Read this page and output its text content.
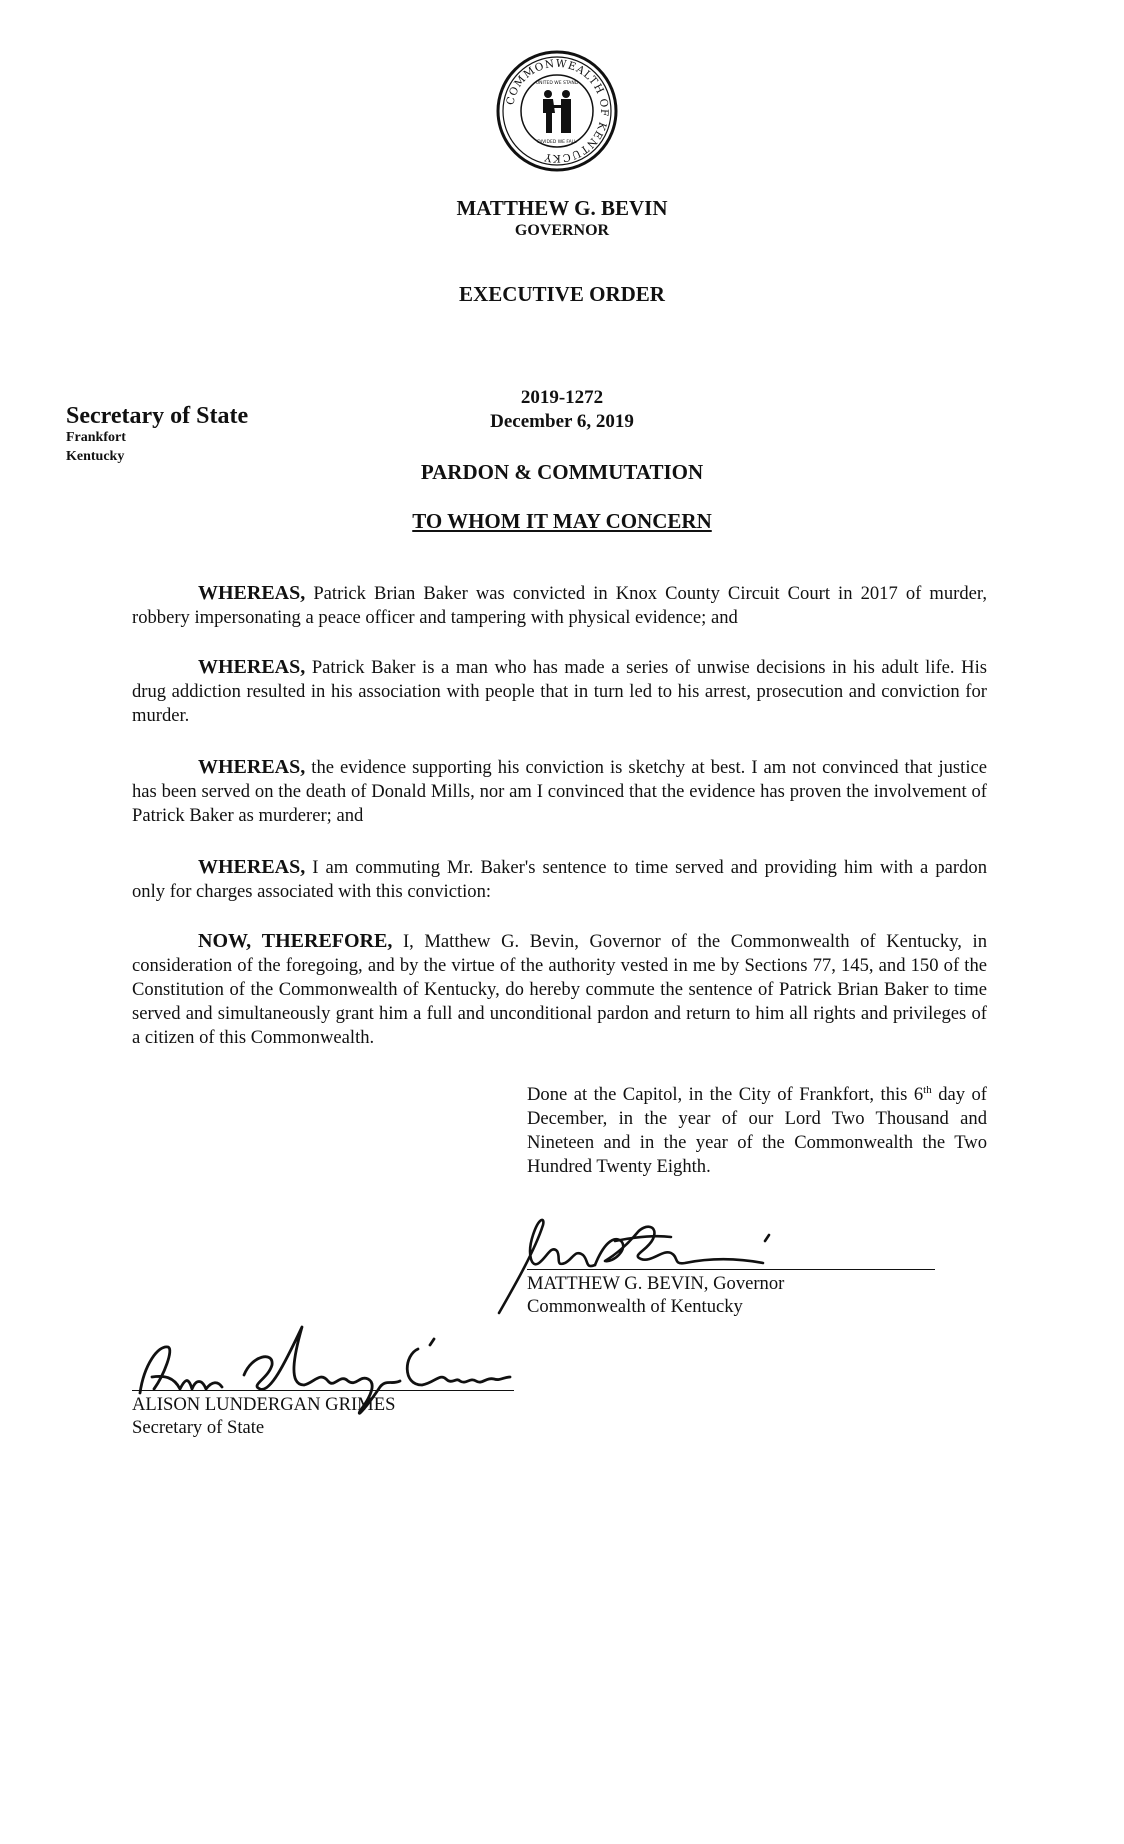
COMMONWEALTH OF KENTUCKY
UNITED WE STAND
DIVIDED WE FALL
MATTHEW G. BEVIN
GOVERNOR
EXECUTIVE ORDER
Secretary of State
Frankfort
Kentucky
2019-1272
December 6, 2019
PARDON & COMMUTATION
TO WHOM IT MAY CONCERN

WHEREAS, Patrick Brian Baker was convicted in Knox County Circuit Court in 2017 of murder, robbery impersonating a peace officer and tampering with physical evidence; and

WHEREAS, Patrick Baker is a man who has made a series of unwise decisions in his adult life. His drug addiction resulted in his association with people that in turn led to his arrest, prosecution and conviction for murder.

WHEREAS, the evidence supporting his conviction is sketchy at best. I am not convinced that justice has been served on the death of Donald Mills, nor am I convinced that the evidence has proven the involvement of Patrick Baker as murderer; and

WHEREAS, I am commuting Mr. Baker's sentence to time served and providing him with a pardon only for charges associated with this conviction:

NOW, THEREFORE, I, Matthew G. Bevin, Governor of the Commonwealth of Kentucky, in consideration of the foregoing, and by the virtue of the authority vested in me by Sections 77, 145, and 150 of the Constitution of the Commonwealth of Kentucky, do hereby commute the sentence of Patrick Brian Baker to time served and simultaneously grant him a full and unconditional pardon and return to him all rights and privileges of a citizen of this Commonwealth.

Done at the Capitol, in the City of Frankfort, this 6th day of December, in the year of our Lord Two Thousand and Nineteen and in the year of the Commonwealth the Two Hundred Twenty Eighth.

MATTHEW G. BEVIN, Governor
Commonwealth of Kentucky
ALISON LUNDERGAN GRIMES
Secretary of State
